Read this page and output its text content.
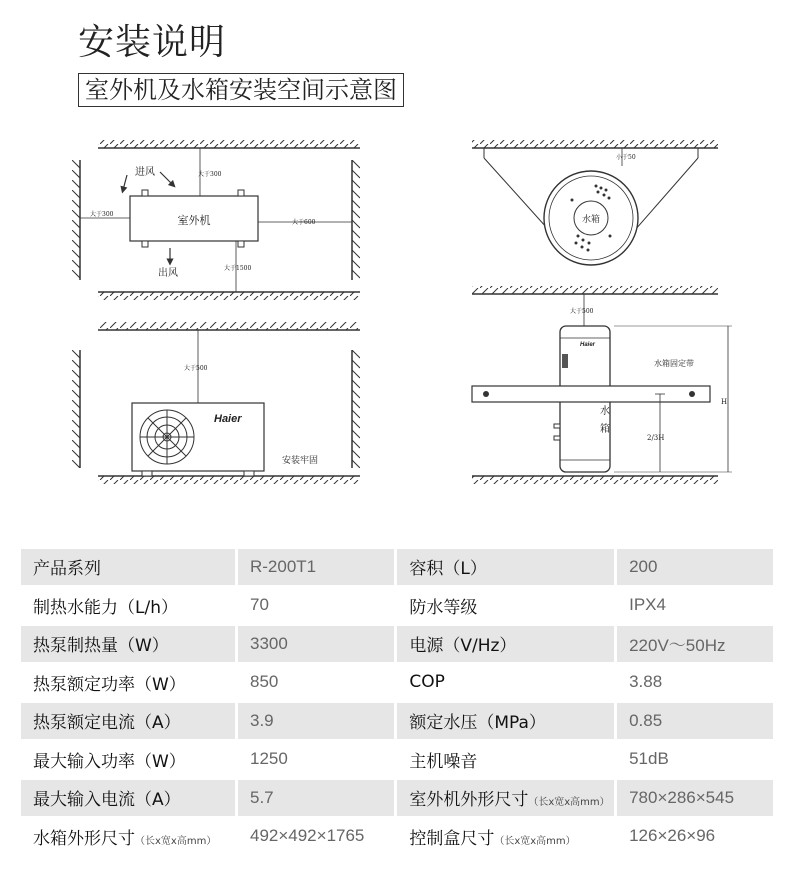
安装说明
室外机及水箱安装空间示意图
室外机
大于300
大于300
大于600
大于1500
进风
出风
大于500
Haier
安装牢固
小于50
水箱
大于500
Haier
水
箱
水箱固定带
2/3H
H
产品系列	R-200T1	容积（L）	200
制热水能力（L/h）	70	防水等级	IPX4
热泵制热量（W）	3300	电源（V/Hz）	220V～50Hz
热泵额定功率（W）	850	COP	3.88
热泵额定电流（A）	3.9	额定水压（MPa）	0.85
最大输入功率（W）	1250	主机噪音	51dB
最大输入电流（A）	5.7	室外机外形尺寸（长x宽x高mm）	780×286×545
水箱外形尺寸（长x宽x高mm）	492×492×1765	控制盒尺寸（长x宽x高mm）	126×26×96
